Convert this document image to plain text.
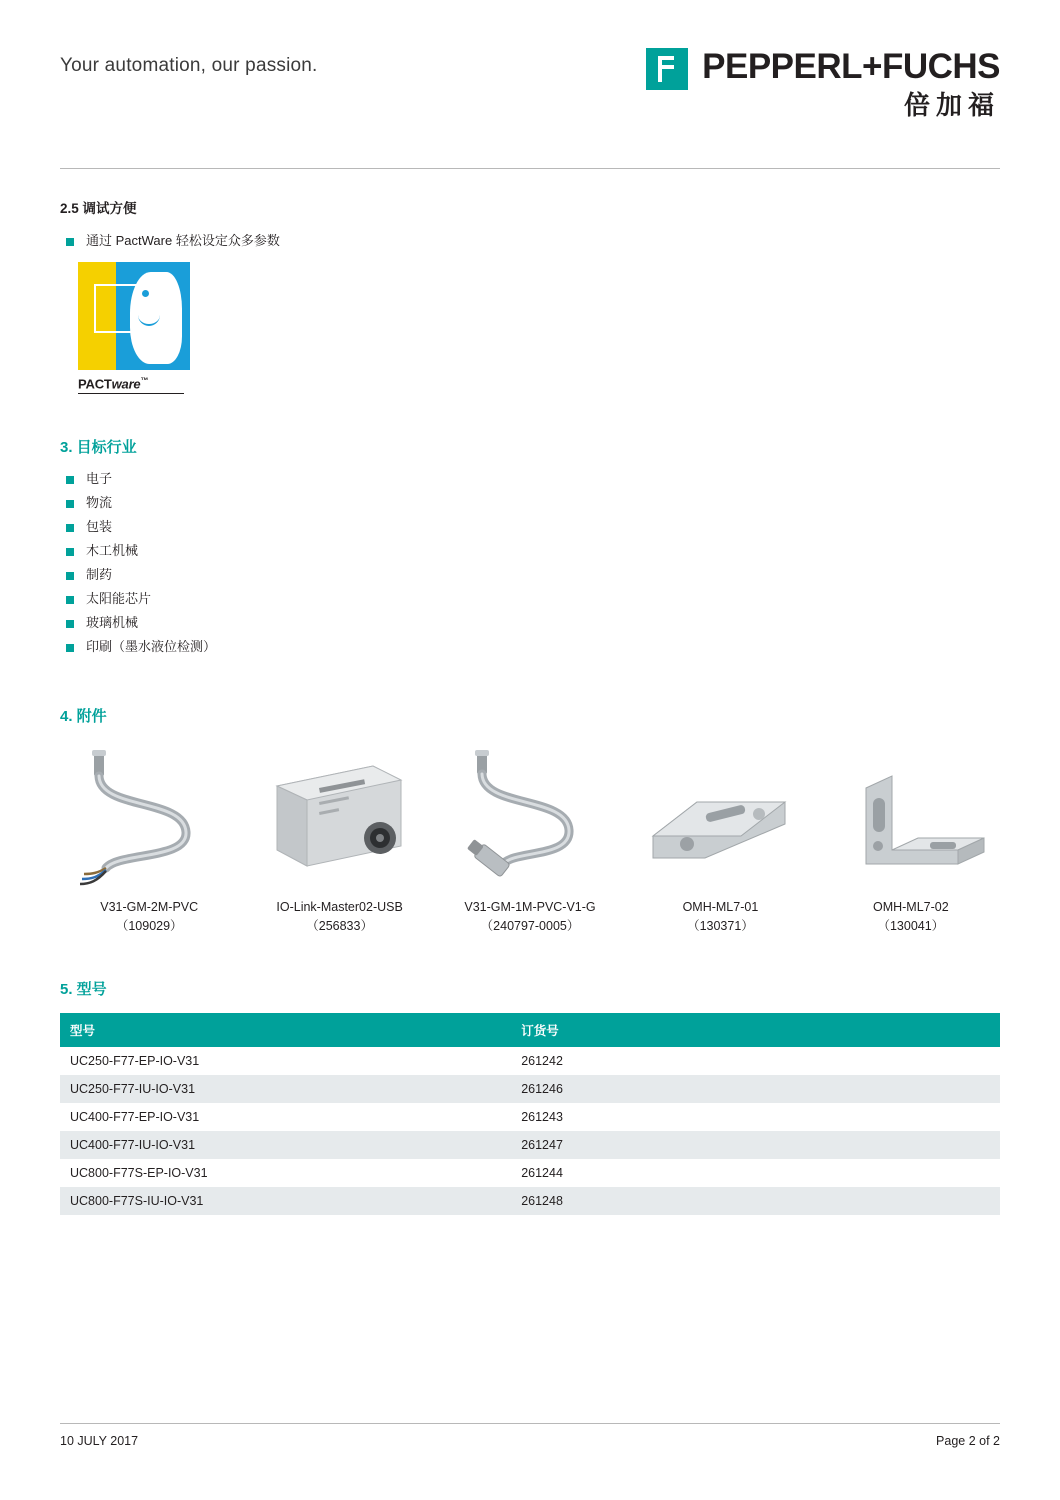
Your automation, our passion.	PEPPERL+FUCHS
倍加福
2.5 调试方便
通过 PactWare 轻松设定众多参数
PACTware™
3. 目标行业
电子
物流
包装
木工机械
制药
太阳能芯片
玻璃机械
印刷（墨水液位检测）
4. 附件
V31-GM-2M-PVC
（109029）
IO-Link-Master02-USB
（256833）
V31-GM-1M-PVC-V1-G
（240797-0005）
OMH-ML7-01
（130371）
OMH-ML7-02
（130041）
5. 型号
型号	订货号
UC250-F77-EP-IO-V31	261242
UC250-F77-IU-IO-V31	261246
UC400-F77-EP-IO-V31	261243
UC400-F77-IU-IO-V31	261247
UC800-F77S-EP-IO-V31	261244
UC800-F77S-IU-IO-V31	261248
10 JULY 2017	Page 2 of 2
